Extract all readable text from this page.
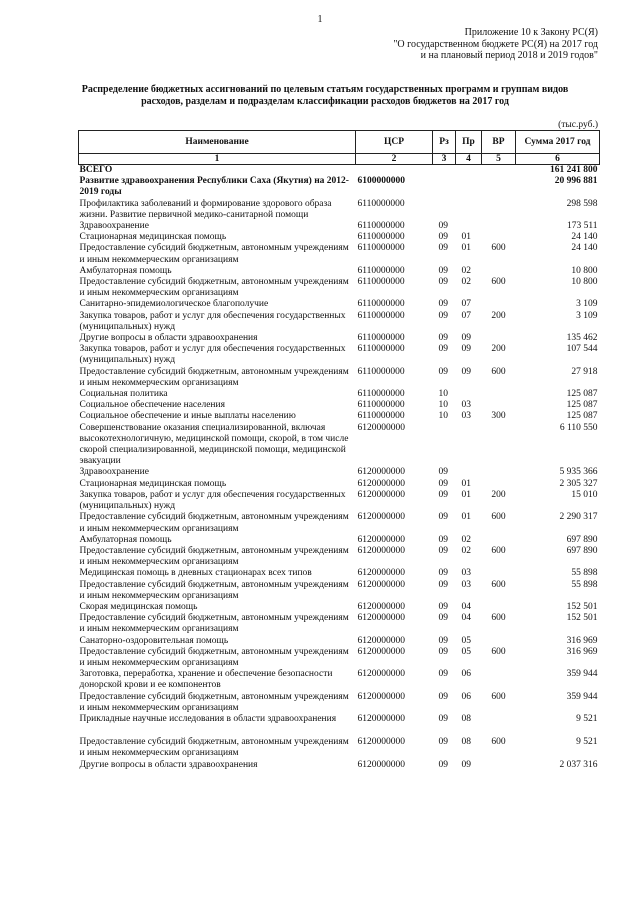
1
Приложение 10 к Закону РС(Я)
"О государственном бюджете РС(Я) на 2017 год
и на плановый период 2018 и 2019 годов"
Распределение бюджетных ассигнований по целевым статьям государственных программ и группам видов
расходов, разделам и подразделам классификации расходов бюджетов на 2017 год
(тыс.руб.)
Наименование	ЦСР	Рз	Пр	ВР	Сумма 2017 год
1	2	3	4	5	6
ВСЕГО					161 241 800
Развитие здравоохранения Республики Саха (Якутия) на 2012-2019 годы	6100000000				20 996 881
Профилактика заболеваний и формирование здорового образа жизни. Развитие первичной медико-санитарной помощи	6110000000				298 598
Здравоохранение	6110000000	09			173 511
Стационарная медицинская помощь	6110000000	09	01		24 140
Предоставление субсидий бюджетным, автономным учреждениям и иным некоммерческим организациям	6110000000	09	01	600	24 140
Амбулаторная помощь	6110000000	09	02		10 800
Предоставление субсидий бюджетным, автономным учреждениям и иным некоммерческим организациям	6110000000	09	02	600	10 800
Санитарно-эпидемиологическое благополучие	6110000000	09	07		3 109
Закупка товаров, работ и услуг для обеспечения государственных (муниципальных) нужд	6110000000	09	07	200	3 109
Другие вопросы в области здравоохранения	6110000000	09	09		135 462
Закупка товаров, работ и услуг для обеспечения государственных (муниципальных) нужд	6110000000	09	09	200	107 544
Предоставление субсидий бюджетным, автономным учреждениям и иным некоммерческим организациям	6110000000	09	09	600	27 918
Социальная политика	6110000000	10			125 087
Социальное обеспечение населения	6110000000	10	03		125 087
Социальное обеспечение и иные выплаты населению	6110000000	10	03	300	125 087
Совершенствование оказания специализированной, включая высокотехнологичную, медицинской помощи, скорой, в том числе скорой специализированной, медицинской помощи, медицинской эвакуации	6120000000				6 110 550
Здравоохранение	6120000000	09			5 935 366
Стационарная медицинская помощь	6120000000	09	01		2 305 327
Закупка товаров, работ и услуг для обеспечения государственных (муниципальных) нужд	6120000000	09	01	200	15 010
Предоставление субсидий бюджетным, автономным учреждениям и иным некоммерческим организациям	6120000000	09	01	600	2 290 317
Амбулаторная помощь	6120000000	09	02		697 890
Предоставление субсидий бюджетным, автономным учреждениям и иным некоммерческим организациям	6120000000	09	02	600	697 890
Медицинская помощь в дневных стационарах всех типов	6120000000	09	03		55 898
Предоставление субсидий бюджетным, автономным учреждениям и иным некоммерческим организациям	6120000000	09	03	600	55 898
Скорая медицинская помощь	6120000000	09	04		152 501
Предоставление субсидий бюджетным, автономным учреждениям и иным некоммерческим организациям	6120000000	09	04	600	152 501
Санаторно-оздоровительная помощь	6120000000	09	05		316 969
Предоставление субсидий бюджетным, автономным учреждениям и иным некоммерческим организациям	6120000000	09	05	600	316 969
Заготовка, переработка, хранение и обеспечение безопасности донорской крови и ее компонентов	6120000000	09	06		359 944
Предоставление субсидий бюджетным, автономным учреждениям и иным некоммерческим организациям	6120000000	09	06	600	359 944
Прикладные научные исследования в области здравоохранения	6120000000	09	08		9 521
Предоставление субсидий бюджетным, автономным учреждениям и иным некоммерческим организациям	6120000000	09	08	600	9 521
Другие вопросы в области здравоохранения	6120000000	09	09		2 037 316
